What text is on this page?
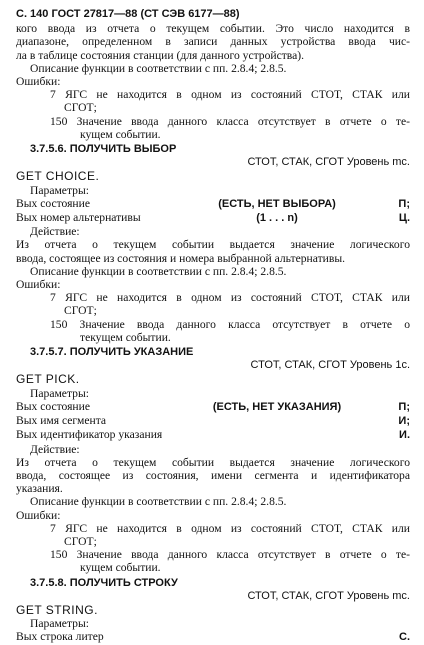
С. 140 ГОСТ 27817—88 (СТ СЭВ 6177—88)
кого ввода из отчета о текущем событии. Это число находится в
диапазоне, определенном в записи данных устройства ввода чис-
ла в таблице состояния станции (для данного устройства).
Описание функции в соответствии с пп. 2.8.4; 2.8.5.
Ошибки:
7 ЯГС не находится в одном из состояний СТОТ, СТАК или
СГОТ;
150 Значение ввода данного класса отсутствует в отчете о те-
кущем событии.
3.7.5.6. ПОЛУЧИТЬ ВЫБОР
СТОТ, СТАК, СГОТ Уровень mc.
GET CHOICE.
Параметры:
Вых состояние	(ЕСТЬ, НЕТ ВЫБОРА)	П;
Вых номер альтернативы	(1 . . . n)	Ц.
Действие:
Из отчета о текущем событии выдается значение логического
ввода, состоящее из состояния и номера выбранной альтернативы.
Описание функции в соответствии с пп. 2.8.4; 2.8.5.
Ошибки:
7 ЯГС не находится в одном из состояний СТОТ, СТАК или
СГОТ;
150 Значение ввода данного класса отсутствует в отчете о
текущем событии.
3.7.5.7. ПОЛУЧИТЬ УКАЗАНИЕ
СТОТ, СТАК, СГОТ Уровень 1с.
GET PICK.
Параметры:
Вых состояние	(ЕСТЬ, НЕТ УКАЗАНИЯ)	П;
Вых имя сегмента	И;
Вых идентификатор указания	И.
Действие:
Из отчета о текущем событии выдается значение логического
ввода, состоящее из состояния, имени сегмента и идентификатора
указания.
Описание функции в соответствии с пп. 2.8.4; 2.8.5.
Ошибки:
7 ЯГС не находится в одном из состояний СТОТ, СТАК или
СГОТ;
150 Значение ввода данного класса отсутствует в отчете о те-
кущем событии.
3.7.5.8. ПОЛУЧИТЬ СТРОКУ
СТОТ, СТАК, СГОТ Уровень mc.
GET STRING.
Параметры:
Вых строка литер	С.
